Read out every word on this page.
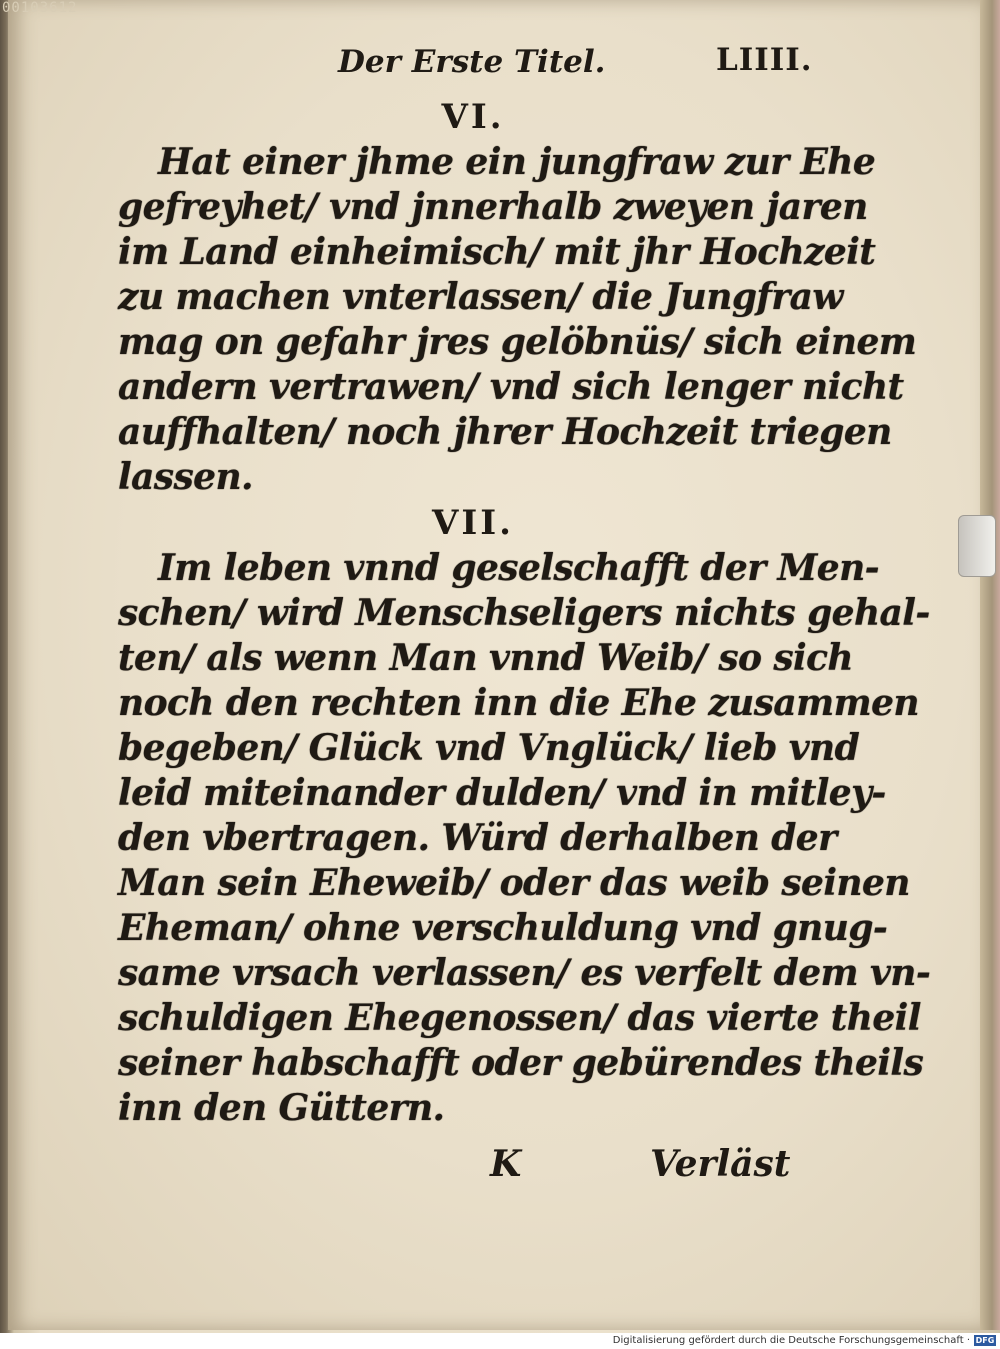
00103612
Der Erste Titel.	LIIII.
VI.
Hat einer jhme ein jungfraw zur Ehe
gefreyhet/ vnd jnnerhalb zweyen jaren
im Land einheimisch/ mit jhr Hochzeit
zu machen vnterlassen/ die Jungfraw
mag on gefahr jres gelöbnüs/ sich einem
andern vertrawen/ vnd sich lenger nicht
auffhalten/ noch jhrer Hochzeit triegen
lassen.
VII.
Im leben vnnd geselschafft der Men-
schen/ wird Menschseligers nichts gehal-
ten/ als wenn Man vnnd Weib/ so sich
noch den rechten inn die Ehe zusammen
begeben/ Glück vnd Vnglück/ lieb vnd
leid miteinander dulden/ vnd in mitley-
den vbertragen. Würd derhalben der
Man sein Eheweib/ oder das weib seinen
Eheman/ ohne verschuldung vnd gnug-
same vrsach verlassen/ es verfelt dem vn-
schuldigen Ehegenossen/ das vierte theil
seiner habschafft oder gebürendes theils
inn den Güttern.
K	Verläst
Digitalisierung gefördert durch die Deutsche Forschungsgemeinschaft · DFG
